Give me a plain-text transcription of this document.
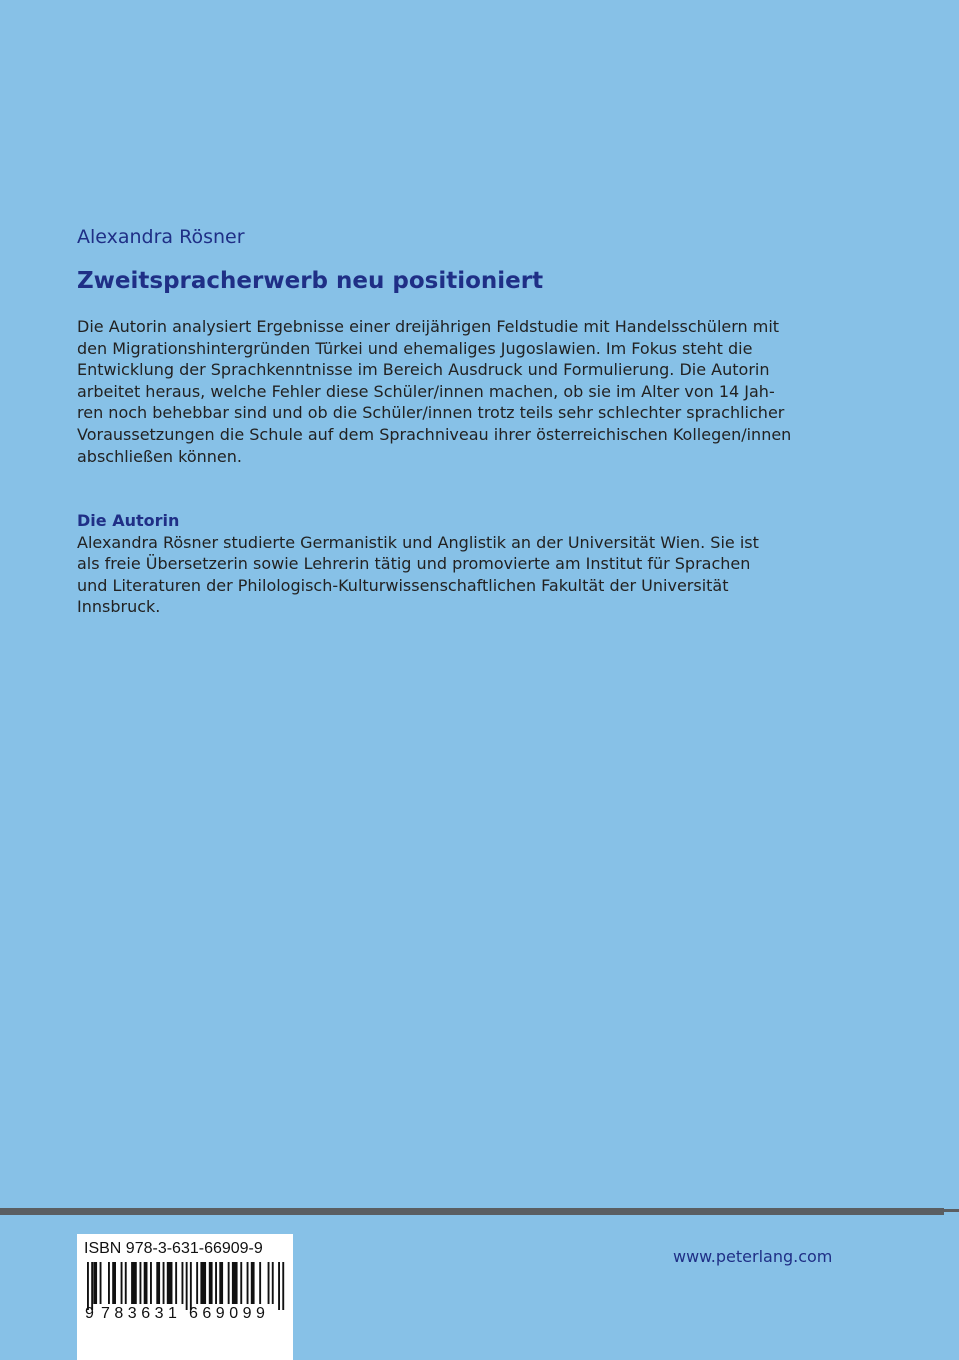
Alexandra Rösner
Zweitspracherwerb neu positioniert
Die Autorin analysiert Ergebnisse einer dreijährigen Feldstudie mit Handelsschülern mit
den Migrationshintergründen Türkei und ehemaliges Jugoslawien. Im Fokus steht die
Entwicklung der Sprachkenntnisse im Bereich Ausdruck und Formulierung. Die Autorin
arbeitet heraus, welche Fehler diese Schüler/innen machen, ob sie im Alter von 14 Jah-
ren noch behebbar sind und ob die Schüler/innen trotz teils sehr schlechter sprachlicher
Voraussetzungen die Schule auf dem Sprachniveau ihrer österreichischen Kollegen/innen
abschließen können.
Die Autorin
Alexandra Rösner studierte Germanistik und Anglistik an der Universität Wien. Sie ist
als freie Übersetzerin sowie Lehrerin tätig und promovierte am Institut für Sprachen
und Literaturen der Philologisch-Kulturwissenschaftlichen Fakultät der Universität
Innsbruck.
ISBN 978-3-631-66909-9
9 783631 669099
www.peterlang.com
